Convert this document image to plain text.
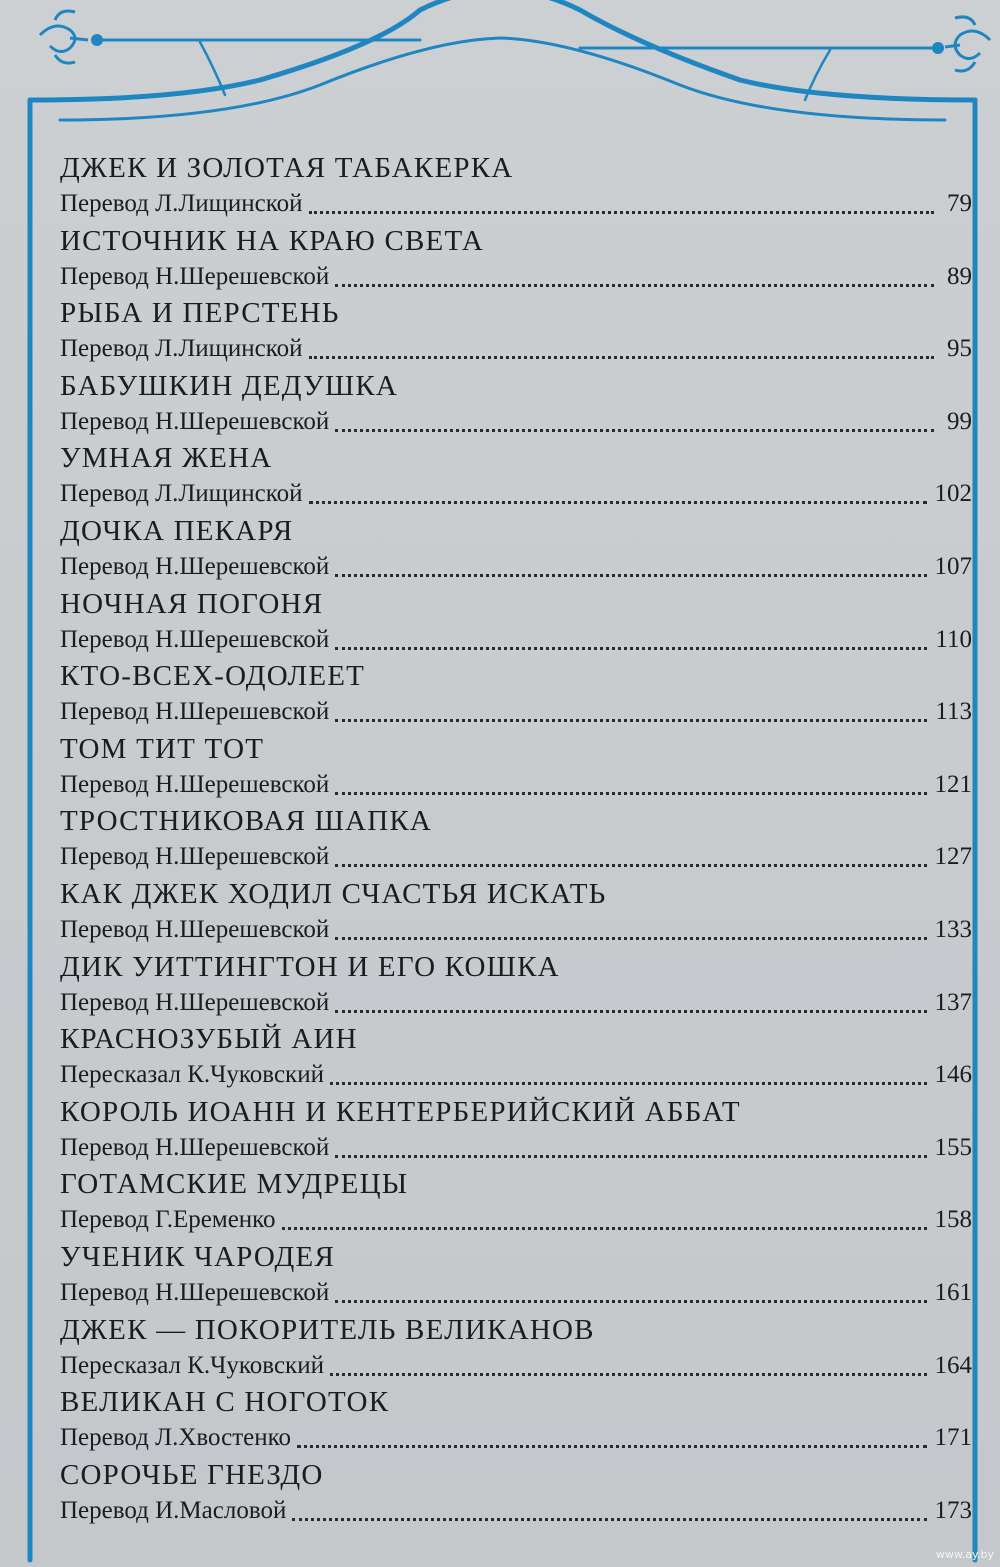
ДЖЕК И ЗОЛОТАЯ ТАБАКЕРКА
Перевод Л.Лищинской	79
ИСТОЧНИК НА КРАЮ СВЕТА
Перевод Н.Шерешевской	89
РЫБА И ПЕРСТЕНЬ
Перевод Л.Лищинской	95
БАБУШКИН ДЕДУШКА
Перевод Н.Шерешевской	99
УМНАЯ ЖЕНА
Перевод Л.Лищинской	102
ДОЧКА ПЕКАРЯ
Перевод Н.Шерешевской	107
НОЧНАЯ ПОГОНЯ
Перевод Н.Шерешевской	110
КТО-ВСЕХ-ОДОЛЕЕТ
Перевод Н.Шерешевской	113
ТОМ ТИТ ТОТ
Перевод Н.Шерешевской	121
ТРОСТНИКОВАЯ ШАПКА
Перевод Н.Шерешевской	127
КАК ДЖЕК ХОДИЛ СЧАСТЬЯ ИСКАТЬ
Перевод Н.Шерешевской	133
ДИК УИТТИНГТОН И ЕГО КОШКА
Перевод Н.Шерешевской	137
КРАСНОЗУБЫЙ АИН
Пересказал К.Чуковский	146
КОРОЛЬ ИОАНН И КЕНТЕРБЕРИЙСКИЙ АББАТ
Перевод Н.Шерешевской	155
ГОТАМСКИЕ МУДРЕЦЫ
Перевод Г.Еременко	158
УЧЕНИК ЧАРОДЕЯ
Перевод Н.Шерешевской	161
ДЖЕК — ПОКОРИТЕЛЬ ВЕЛИКАНОВ
Пересказал К.Чуковский	164
ВЕЛИКАН С НОГОТОК
Перевод Л.Хвостенко	171
СОРОЧЬЕ ГНЕЗДО
Перевод И.Масловой	173
www.ay.by
